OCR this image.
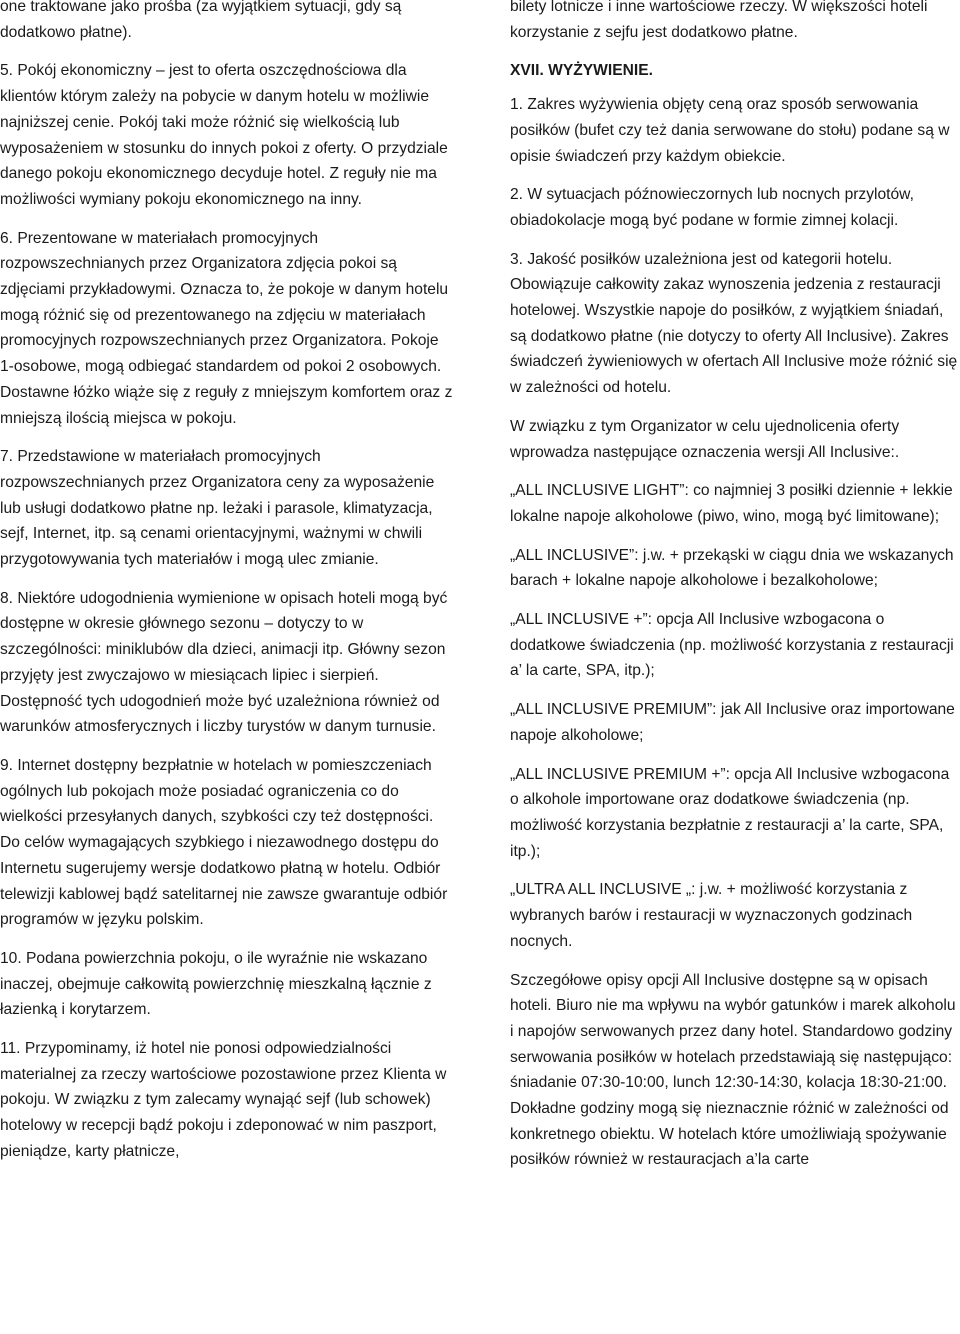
one traktowane jako prośba (za wyjątkiem sytuacji, gdy są dodatkowo płatne).

5. Pokój ekonomiczny – jest to oferta oszczędnościowa dla klientów którym zależy na pobycie w danym hotelu w możliwie najniższej cenie. Pokój taki może różnić się wielkością lub wyposażeniem w stosunku do innych pokoi z oferty. O przydziale danego pokoju ekonomicznego decyduje hotel. Z reguły nie ma możliwości wymiany pokoju ekonomicznego na inny.

6. Prezentowane w materiałach promocyjnych rozpowszechnianych przez Organizatora zdjęcia pokoi są zdjęciami przykładowymi. Oznacza to, że pokoje w danym hotelu mogą różnić się od prezentowanego na zdjęciu w materiałach promocyjnych rozpowszechnianych przez Organizatora. Pokoje 1-osobowe, mogą odbiegać standardem od pokoi 2 osobowych. Dostawne łóżko wiąże się z reguły z mniejszym komfortem oraz z mniejszą ilością miejsca w pokoju.

7. Przedstawione w materiałach promocyjnych rozpowszechnianych przez Organizatora ceny za wyposażenie lub usługi dodatkowo płatne np. leżaki i parasole, klimatyzacja, sejf, Internet, itp. są cenami orientacyjnymi, ważnymi w chwili przygotowywania tych materiałów i mogą ulec zmianie.

8. Niektóre udogodnienia wymienione w opisach hoteli mogą być dostępne w okresie głównego sezonu – dotyczy to w szczególności: miniklubów dla dzieci, animacji itp. Główny sezon przyjęty jest zwyczajowo w miesiącach lipiec i sierpień. Dostępność tych udogodnień może być uzależniona również od warunków atmosferycznych i liczby turystów w danym turnusie.

9. Internet dostępny bezpłatnie w hotelach w pomieszczeniach ogólnych lub pokojach może posiadać ograniczenia co do wielkości przesyłanych danych, szybkości czy też dostępności. Do celów wymagających szybkiego i niezawodnego dostępu do Internetu sugerujemy wersje dodatkowo płatną w hotelu. Odbiór telewizji kablowej bądź satelitarnej nie zawsze gwarantuje odbiór programów w języku polskim.

10. Podana powierzchnia pokoju, o ile wyraźnie nie wskazano inaczej, obejmuje całkowitą powierzchnię mieszkalną łącznie z łazienką i korytarzem.

11. Przypominamy, iż hotel nie ponosi odpowiedzialności materialnej za rzeczy wartościowe pozostawione przez Klienta w pokoju. W związku z tym zalecamy wynająć sejf (lub schowek) hotelowy w recepcji bądź pokoju i zdeponować w nim paszport, pieniądze, karty płatnicze,

bilety lotnicze i inne wartościowe rzeczy. W większości hoteli korzystanie z sejfu jest dodatkowo płatne.

XVII. WYŻYWIENIE.

1. Zakres wyżywienia objęty ceną oraz sposób serwowania posiłków (bufet czy też dania serwowane do stołu) podane są w opisie świadczeń przy każdym obiekcie.

2. W sytuacjach późnowieczornych lub nocnych przylotów, obiadokolacje mogą być podane w formie zimnej kolacji.

3. Jakość posiłków uzależniona jest od kategorii hotelu. Obowiązuje całkowity zakaz wynoszenia jedzenia z restauracji hotelowej. Wszystkie napoje do posiłków, z wyjątkiem śniadań, są dodatkowo płatne (nie dotyczy to oferty All Inclusive). Zakres świadczeń żywieniowych w ofertach All Inclusive może różnić się w zależności od hotelu.

W związku z tym Organizator w celu ujednolicenia oferty wprowadza następujące oznaczenia wersji All Inclusive:.

„ALL INCLUSIVE LIGHT”: co najmniej 3 posiłki dziennie + lekkie lokalne napoje alkoholowe (piwo, wino, mogą być limitowane);

„ALL INCLUSIVE”: j.w. + przekąski w ciągu dnia we wskazanych barach + lokalne napoje alkoholowe i bezalkoholowe;

„ALL INCLUSIVE +”: opcja All Inclusive wzbogacona o dodatkowe świadczenia (np. możliwość korzystania z restauracji a’ la carte, SPA, itp.);

„ALL INCLUSIVE PREMIUM”: jak All Inclusive oraz importowane napoje alkoholowe;

„ALL INCLUSIVE PREMIUM +”: opcja All Inclusive wzbogacona o alkohole importowane oraz dodatkowe świadczenia (np. możliwość korzystania bezpłatnie z restauracji a’ la carte, SPA, itp.);

„ULTRA ALL INCLUSIVE „: j.w. + możliwość korzystania z wybranych barów i restauracji w wyznaczonych godzinach nocnych.

Szczegółowe opisy opcji All Inclusive dostępne są w opisach hoteli. Biuro nie ma wpływu na wybór gatunków i marek alkoholu i napojów serwowanych przez dany hotel. Standardowo godziny serwowania posiłków w hotelach przedstawiają się następująco: śniadanie 07:30-10:00, lunch 12:30-14:30, kolacja 18:30-21:00. Dokładne godziny mogą się nieznacznie różnić w zależności od konkretnego obiektu. W hotelach które umożliwiają spożywanie posiłków również w restauracjach a’la carte
